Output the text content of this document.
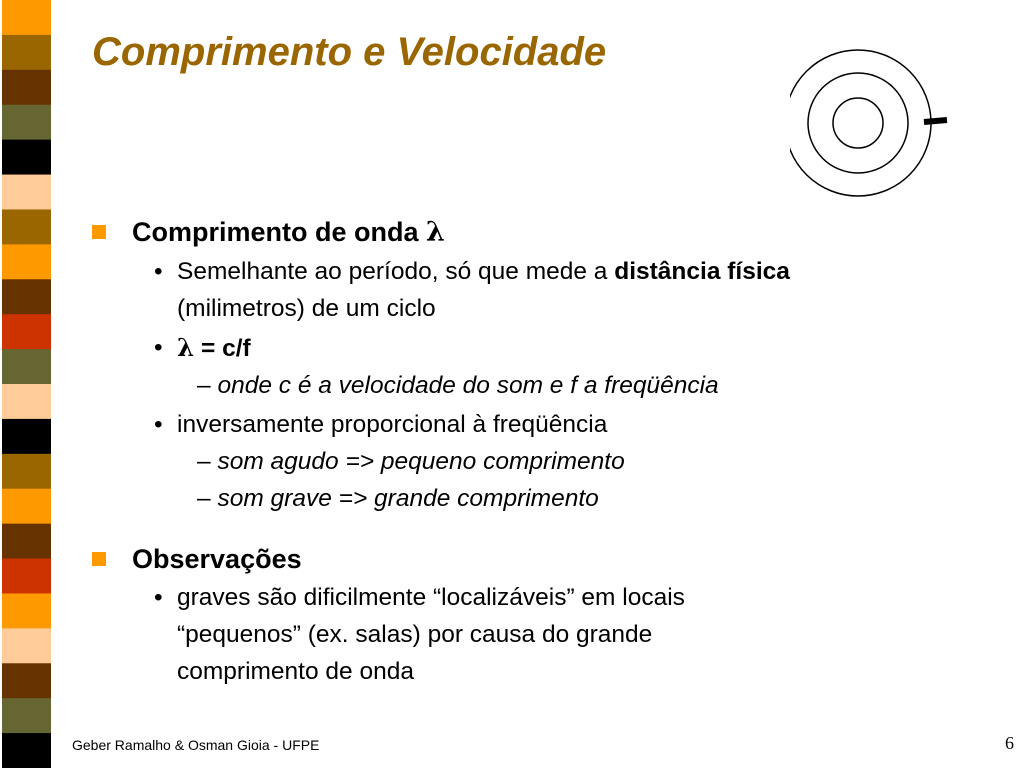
Comprimento e Velocidade
Comprimento de onda λ
• Semelhante ao período, só que mede a distância física
(milimetros) de um ciclo
• λ = c/f
– onde c é a velocidade do som e f a freqüência
• inversamente proporcional à freqüência
– som agudo => pequeno comprimento
– som grave => grande comprimento
Observações
• graves são dificilmente “localizáveis” em locais
“pequenos” (ex. salas) por causa do grande
comprimento de onda
Geber Ramalho & Osman Gioia - UFPE	6
